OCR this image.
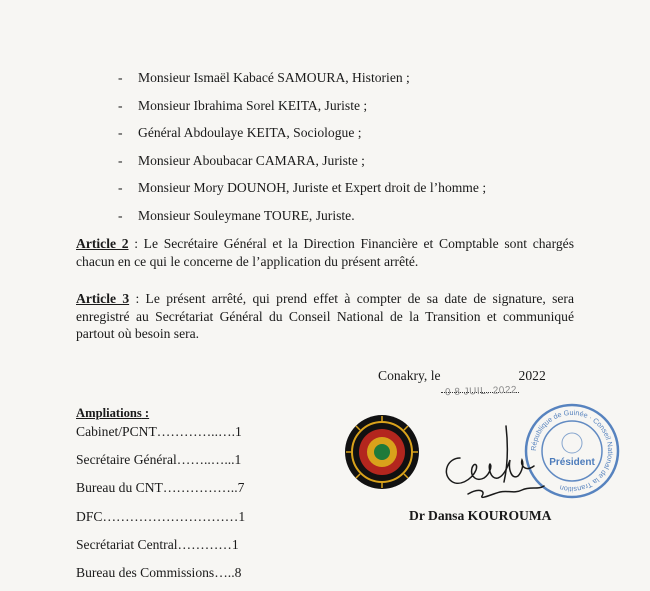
- Monsieur Ismaël Kabacé SAMOURA, Historien ;
- Monsieur Ibrahima Sorel KEITA, Juriste ;
- Général Abdoulaye KEITA, Sociologue ;
- Monsieur Aboubacar CAMARA, Juriste ;
- Monsieur Mory DOUNOH, Juriste et Expert droit de l’homme ;
- Monsieur Souleymane TOURE, Juriste.

Article 2 : Le Secrétaire Général et la Direction Financière et Comptable sont chargés chacun en ce qui le concerne de l’application du présent arrêté.

Article 3 : Le présent arrêté, qui prend effet à compter de sa date de signature, sera enregistré au Secrétariat Général du Conseil National de la Transition et communiqué partout où besoin sera.

Conakry, le
0 8 JUIL. 2022
2022
Ampliations :
Cabinet/PCNT…………..….1
Secrétaire Général……..…...1
Bureau du CNT……………..7
DFC…………………………1
Secrétariat Central…………1
Bureau des Commissions…..8
République de Guinée · Conseil National de la Transition
Président
Dr Dansa KOUROUMA
